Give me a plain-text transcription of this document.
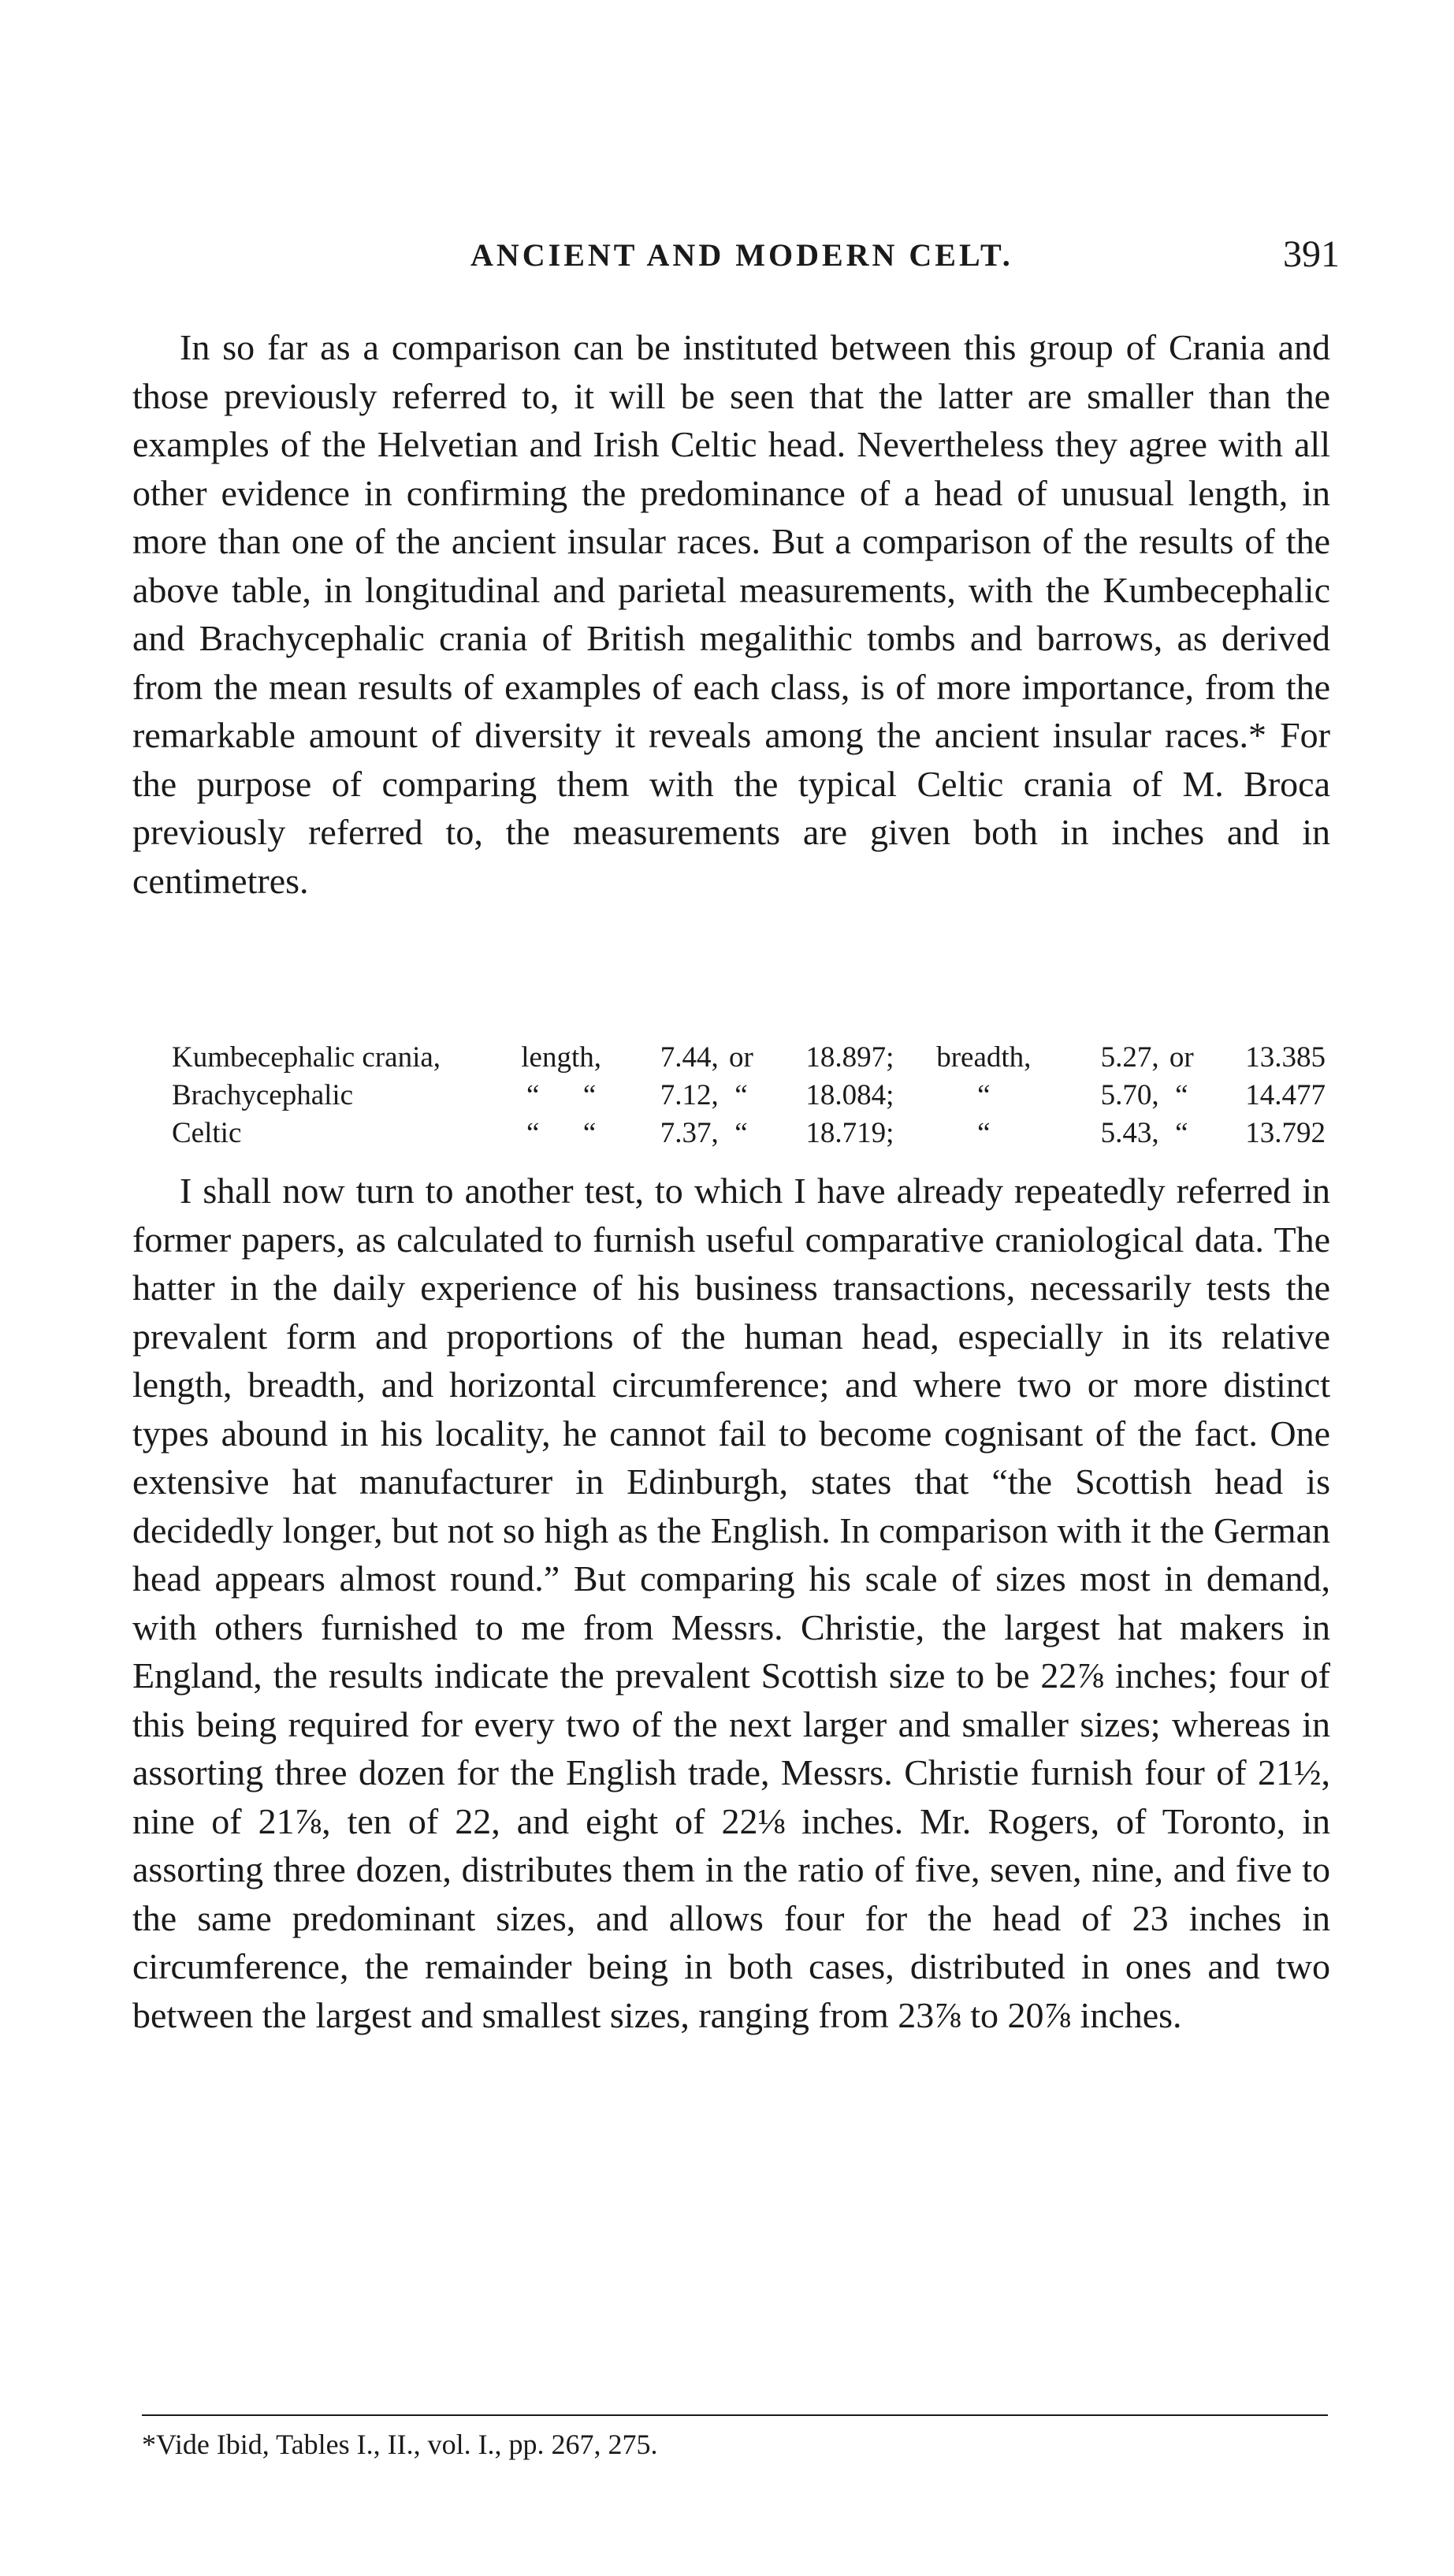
ANCIENT AND MODERN CELT.	391

In so far as a comparison can be instituted between this group of Crania and those previously referred to, it will be seen that the latter are smaller than the examples of the Helvetian and Irish Celtic head. Nevertheless they agree with all other evidence in confirming the predominance of a head of unusual length, in more than one of the ancient insular races. But a comparison of the results of the above table, in longitudinal and parietal measurements, with the Kumbecephalic and Brachycephalic crania of British megalithic tombs and barrows, as derived from the mean results of examples of each class, is of more importance, from the remarkable amount of diversity it reveals among the ancient insular races.* For the purpose of comparing them with the typical Celtic crania of M. Broca previously referred to, the measurements are given both in inches and in centimetres.

Kumbecephalic crania,	length,	7.44,	or	18.897;	breadth,	5.27,	or	13.385
Brachycephalic	“      “	7.12,	“	18.084;	“	5.70,	“	14.477
Celtic	“      “	7.37,	“	18.719;	“	5.43,	“	13.792

I shall now turn to another test, to which I have already repeatedly referred in former papers, as calculated to furnish useful comparative craniological data. The hatter in the daily experience of his business transactions, necessarily tests the prevalent form and proportions of the human head, especially in its relative length, breadth, and horizontal circumference; and where two or more distinct types abound in his locality, he cannot fail to become cognisant of the fact. One extensive hat manufacturer in Edinburgh, states that “the Scottish head is decidedly longer, but not so high as the English. In comparison with it the German head appears almost round.” But comparing his scale of sizes most in demand, with others furnished to me from Messrs. Christie, the largest hat makers in England, the results indicate the prevalent Scottish size to be 22⅞ inches; four of this being required for every two of the next larger and smaller sizes; whereas in assorting three dozen for the English trade, Messrs. Christie furnish four of 21½, nine of 21⅞, ten of 22, and eight of 22⅛ inches. Mr. Rogers, of Toronto, in assorting three dozen, distributes them in the ratio of five, seven, nine, and five to the same predominant sizes, and allows four for the head of 23 inches in circumference, the remainder being in both cases, distributed in ones and two between the largest and smallest sizes, ranging from 23⅞ to 20⅞ inches.

*Vide Ibid, Tables I., II., vol. I., pp. 267, 275.
